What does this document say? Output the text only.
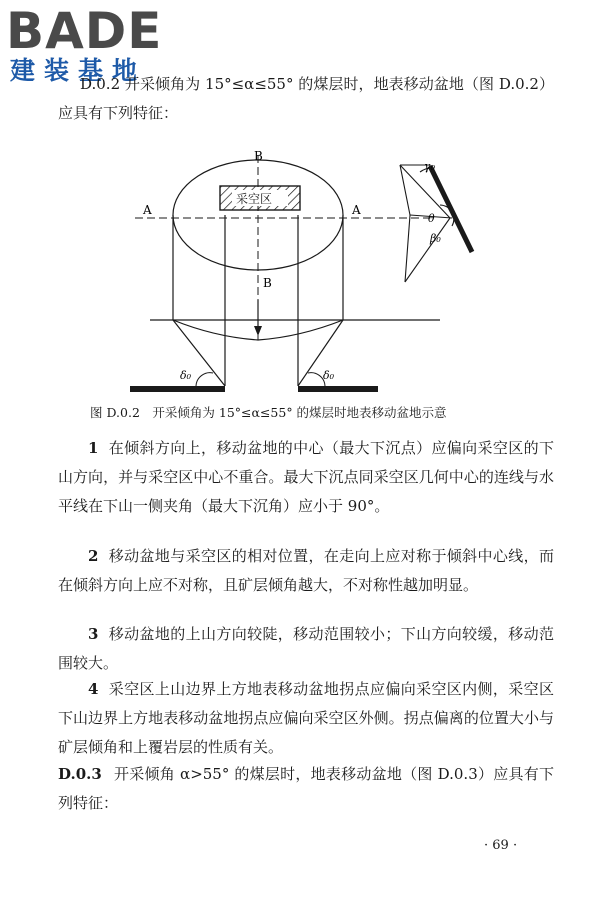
BADE
建装基地

D.0.2 开采倾角为 15°≤α≤55° 的煤层时，地表移动盆地（图 D.0.2）应具有下列特征：

B
B
A	A
采空区
δ₀	δ₀
γ₀
θ
β₀

图 D.0.2　开采倾角为 15°≤α≤55° 的煤层时地表移动盆地示意

1 在倾斜方向上，移动盆地的中心（最大下沉点）应偏向采空区的下山方向，并与采空区中心不重合。最大下沉点同采空区几何中心的连线与水平线在下山一侧夹角（最大下沉角）应小于 90°。

2 移动盆地与采空区的相对位置，在走向上应对称于倾斜中心线，而在倾斜方向上应不对称，且矿层倾角越大，不对称性越加明显。

3 移动盆地的上山方向较陡，移动范围较小；下山方向较缓，移动范围较大。

4 采空区上山边界上方地表移动盆地拐点应偏向采空区内侧，采空区下山边界上方地表移动盆地拐点应偏向采空区外侧。拐点偏离的位置大小与矿层倾角和上覆岩层的性质有关。

D.0.3 开采倾角 α>55° 的煤层时，地表移动盆地（图 D.0.3）应具有下列特征：

· 69 ·
